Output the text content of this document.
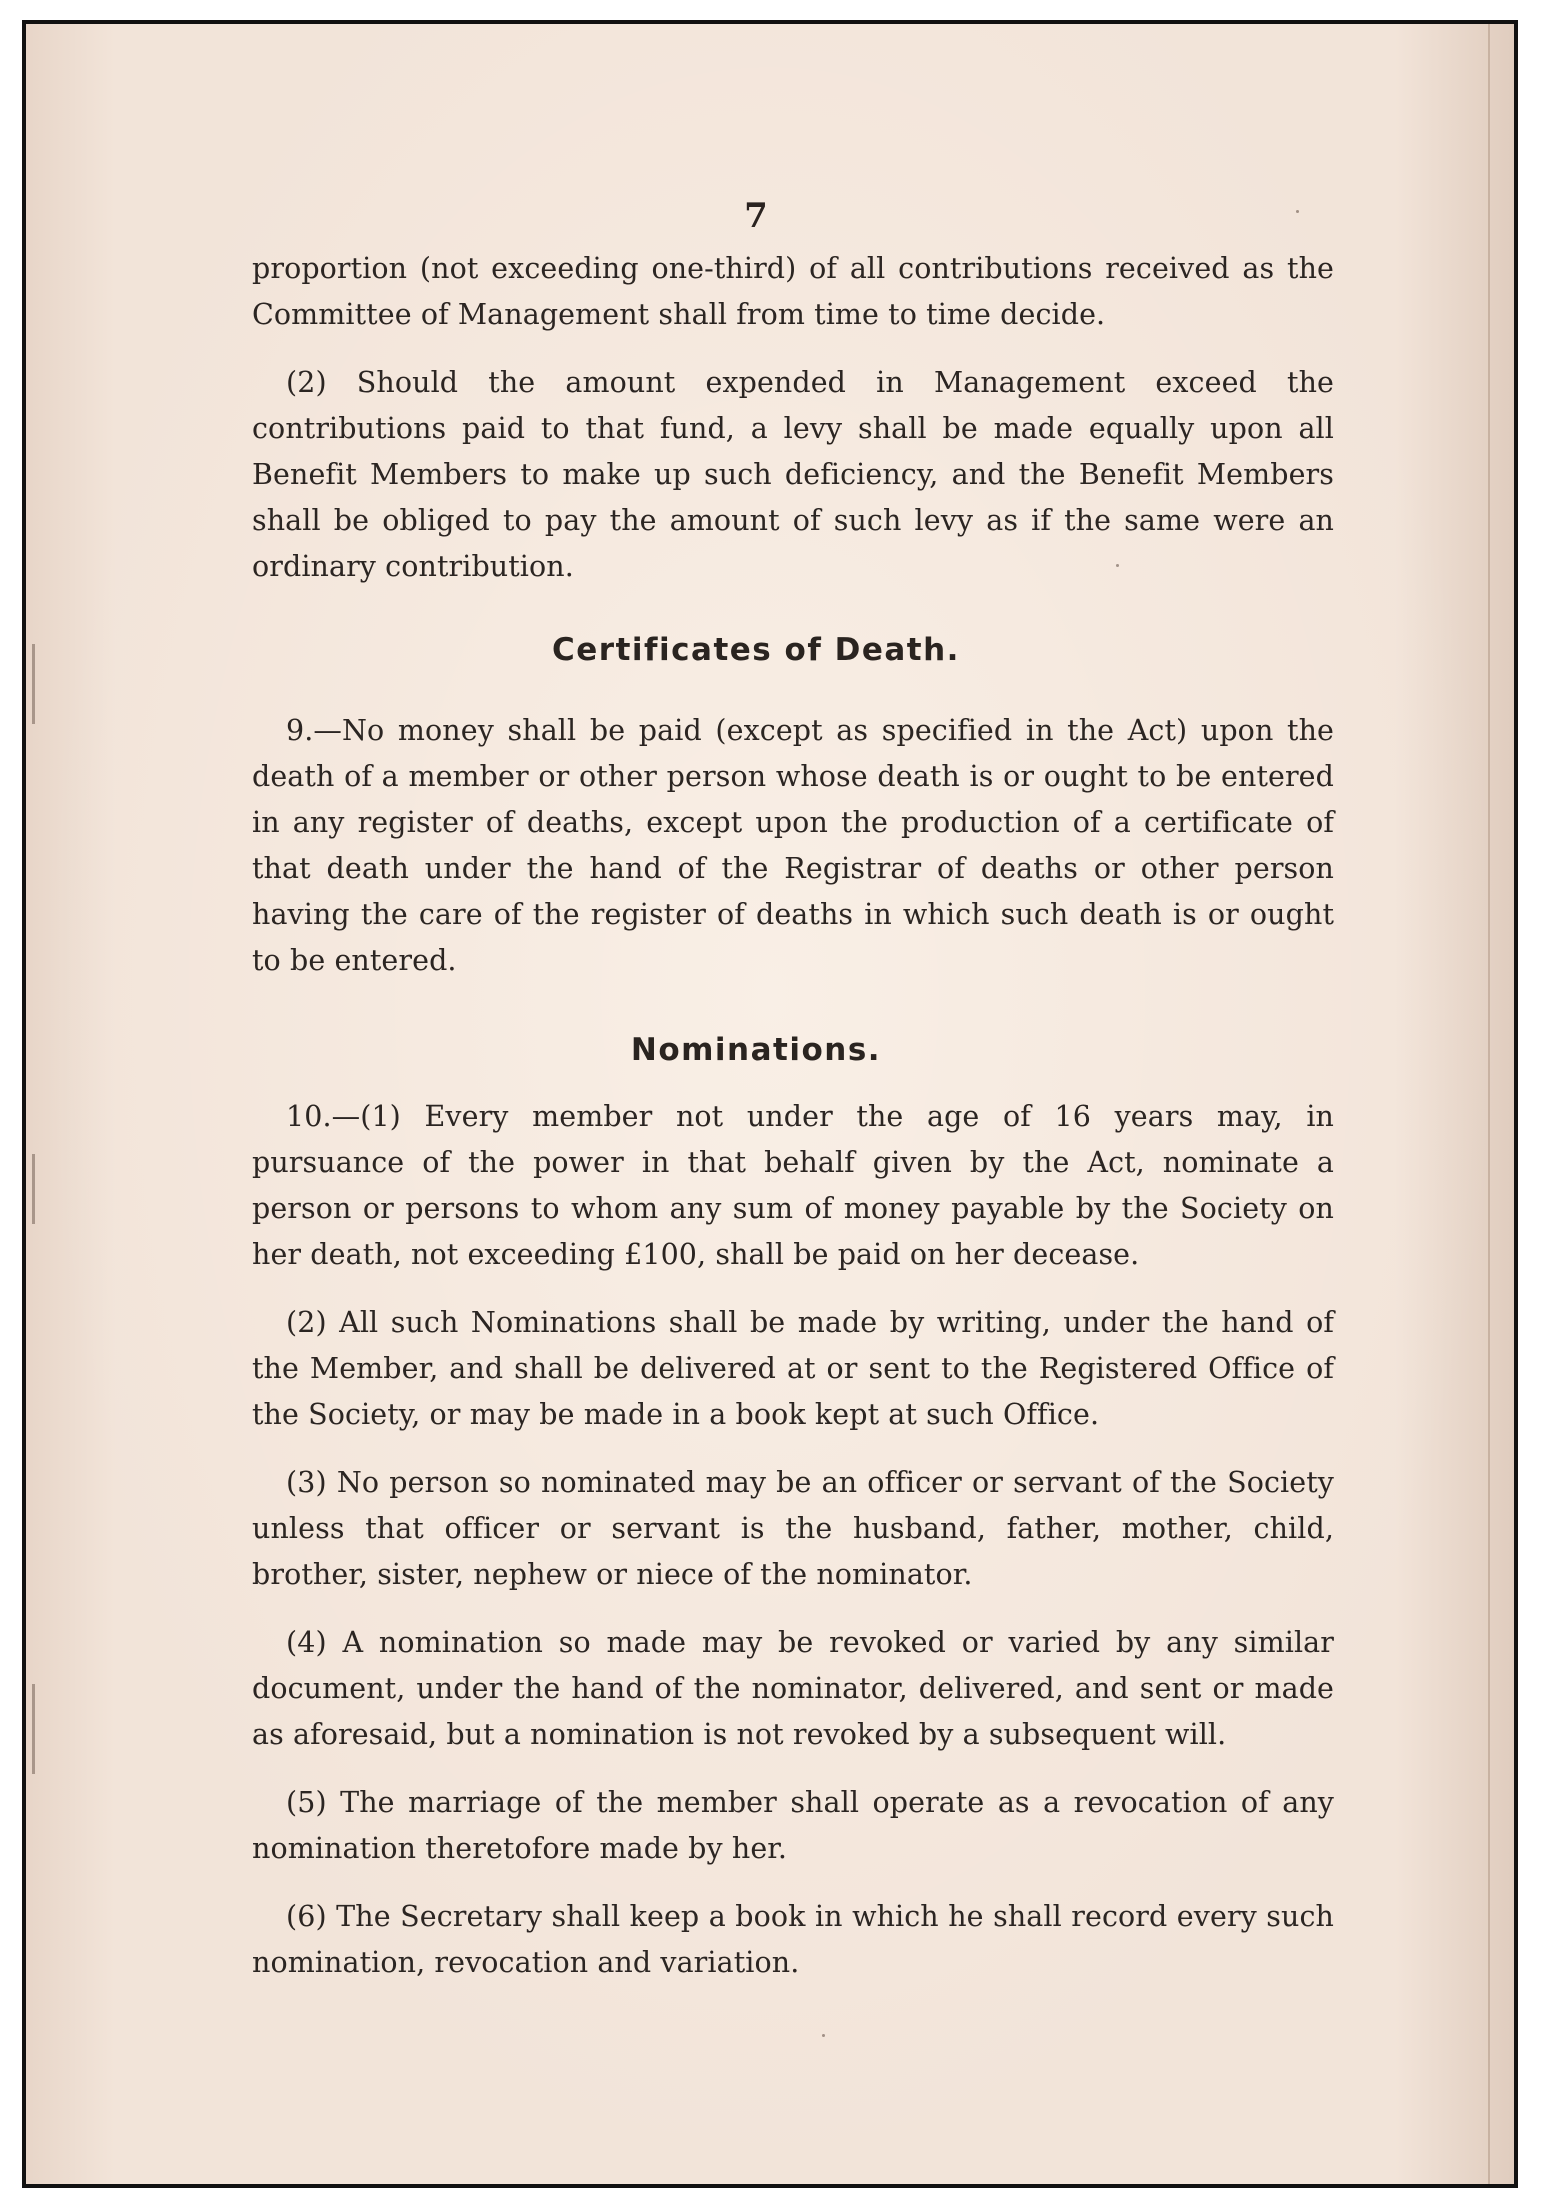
7

proportion (not exceeding one-third) of all contributions received as the Committee of Management shall from time to time decide.

(2) Should the amount expended in Management exceed the contributions paid to that fund, a levy shall be made equally upon all Benefit Members to make up such deficiency, and the Benefit Members shall be obliged to pay the amount of such levy as if the same were an ordinary contribution.

Certificates of Death.

9.—No money shall be paid (except as specified in the Act) upon the death of a member or other person whose death is or ought to be entered in any register of deaths, except upon the production of a certificate of that death under the hand of the Registrar of deaths or other person having the care of the register of deaths in which such death is or ought to be entered.

Nominations.

10.—(1) Every member not under the age of 16 years may, in pursuance of the power in that behalf given by the Act, nominate a person or persons to whom any sum of money payable by the Society on her death, not exceeding £100, shall be paid on her decease.

(2) All such Nominations shall be made by writing, under the hand of the Member, and shall be delivered at or sent to the Registered Office of the Society, or may be made in a book kept at such Office.

(3) No person so nominated may be an officer or servant of the Society unless that officer or servant is the husband, father, mother, child, brother, sister, nephew or niece of the nominator.

(4) A nomination so made may be revoked or varied by any similar document, under the hand of the nominator, delivered, and sent or made as aforesaid, but a nomination is not revoked by a subsequent will.

(5) The marriage of the member shall operate as a revocation of any nomination theretofore made by her.

(6) The Secretary shall keep a book in which he shall record every such nomination, revocation and variation.
